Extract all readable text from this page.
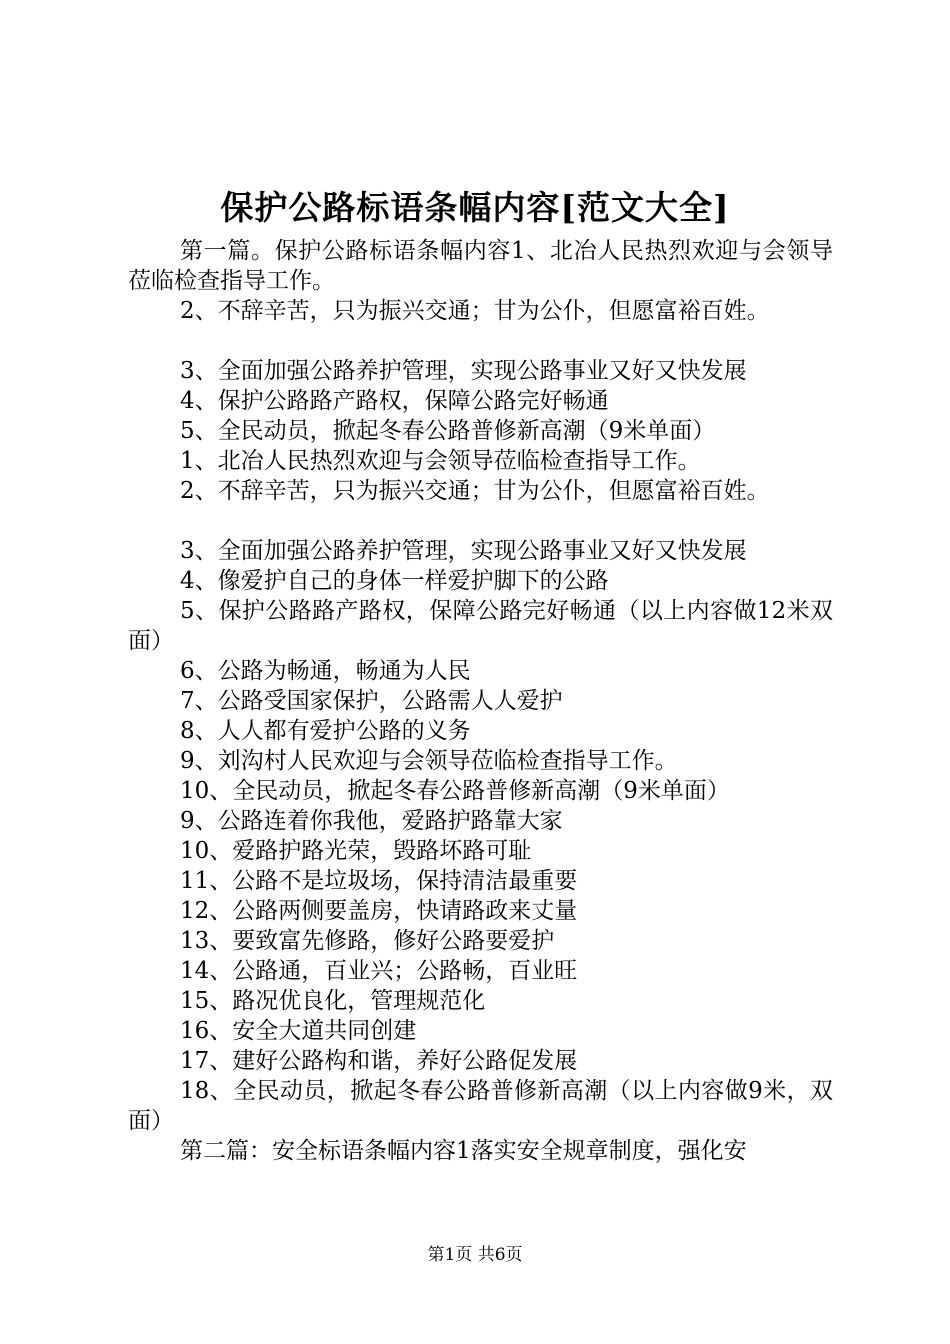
保护公路标语条幅内容[范文大全]

第一篇。保护公路标语条幅内容1、北冶人民热烈欢迎与会领导莅临检查指导工作。

2、不辞辛苦，只为振兴交通；甘为公仆，但愿富裕百姓。

3、全面加强公路养护管理，实现公路事业又好又快发展

4、保护公路路产路权，保障公路完好畅通

5、全民动员，掀起冬春公路普修新高潮（9米单面）

1、北冶人民热烈欢迎与会领导莅临检查指导工作。

2、不辞辛苦，只为振兴交通；甘为公仆，但愿富裕百姓。

3、全面加强公路养护管理，实现公路事业又好又快发展

4、像爱护自己的身体一样爱护脚下的公路

5、保护公路路产路权，保障公路完好畅通（以上内容做12米双面）

6、公路为畅通，畅通为人民

7、公路受国家保护，公路需人人爱护

8、人人都有爱护公路的义务

9、刘沟村人民欢迎与会领导莅临检查指导工作。

10、全民动员，掀起冬春公路普修新高潮（9米单面）

9、公路连着你我他，爱路护路靠大家

10、爱路护路光荣，毁路坏路可耻

11、公路不是垃圾场，保持清洁最重要

12、公路两侧要盖房，快请路政来丈量

13、要致富先修路，修好公路要爱护

14、公路通，百业兴；公路畅，百业旺

15、路况优良化，管理规范化

16、安全大道共同创建

17、建好公路构和谐，养好公路促发展

18、全民动员，掀起冬春公路普修新高潮（以上内容做9米，双面）

第二篇：安全标语条幅内容1落实安全规章制度，强化安

第1页 共6页
